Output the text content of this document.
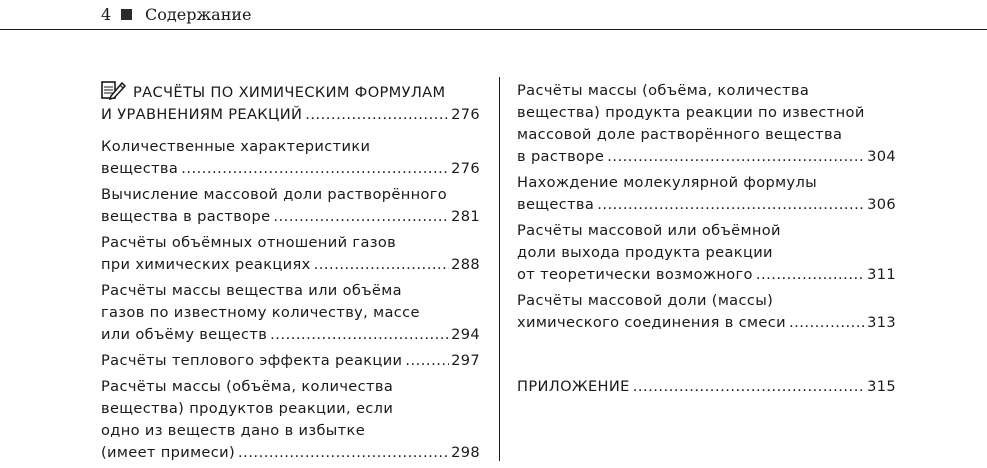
4 Содержание
РАСЧЁТЫ ПО ХИМИЧЕСКИМ ФОРМУЛАМ
И УРАВНЕНИЯМ РЕАКЦИЙ .....	276
Количественные характеристики
вещества .....	276
Вычисление массовой доли растворённого
вещества в растворе .....	281
Расчёты объёмных отношений газов
при химических реакциях .....	288
Расчёты массы вещества или объёма
газов по известному количеству, массе
или объёму веществ .....	294
Расчёты теплового эффекта реакции .....	297
Расчёты массы (объёма, количества
вещества) продуктов реакции, если
одно из веществ дано в избытке
(имеет примеси) .....	298
Расчёты массы (объёма, количества
вещества) продукта реакции по известной
массовой доле растворённого вещества
в растворе .....	304
Нахождение молекулярной формулы
вещества .....	306
Расчёты массовой или объёмной
доли выхода продукта реакции
от теоретически возможного .....	311
Расчёты массовой доли (массы)
химического соединения в смеси .....	313
ПРИЛОЖЕНИЕ .....	315
